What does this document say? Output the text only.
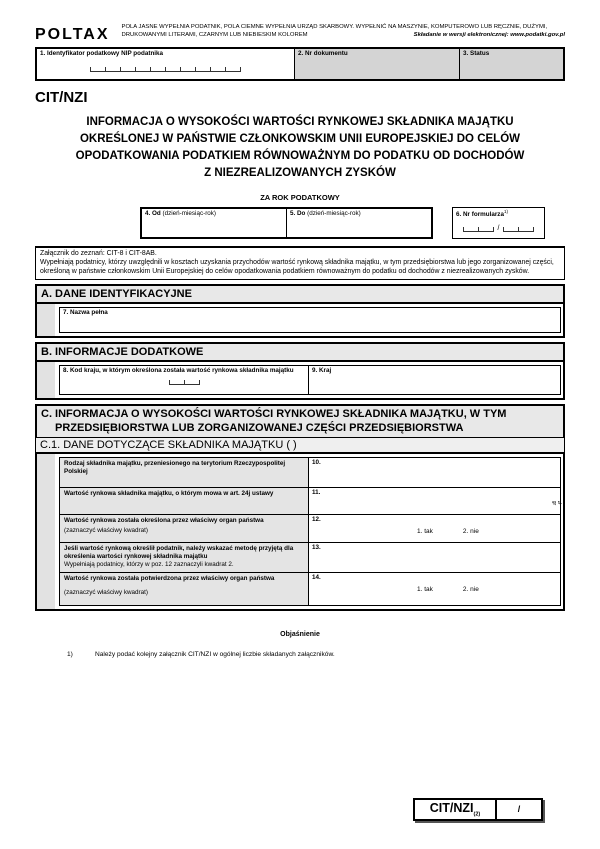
POLTAX	POLA JASNE WYPEŁNIA PODATNIK, POLA CIEMNE WYPEŁNIA URZĄD SKARBOWY. WYPEŁNIĆ NA MASZYNIE, KOMPUTEROWO LUB RĘCZNIE, DUŻYMI,
DRUKOWANYMI LITERAMI, CZARNYM LUB NIEBIESKIM KOLOREM	Składanie w wersji elektronicznej: www.podatki.gov.pl
1. Identyfikator podatkowy NIP podatnika	2. Nr dokumentu	3. Status
CIT/NZI
INFORMACJA O WYSOKOŚCI WARTOŚCI RYNKOWEJ SKŁADNIKA MAJĄTKU
OKREŚLONEJ W PAŃSTWIE CZŁONKOWSKIM UNII EUROPEJSKIEJ DO CELÓW
OPODATKOWANIA PODATKIEM RÓWNOWAŻNYM DO PODATKU OD DOCHODÓW
Z NIEZREALIZOWANYCH ZYSKÓW
ZA ROK PODATKOWY
4. Od (dzień-miesiąc-rok)	5. Do (dzień-miesiąc-rok)	6. Nr formularza$^{1)}$
/
Załącznik do zeznań: CIT-8 i CIT-8AB.
Wypełniają podatnicy, którzy uwzględnili w kosztach uzyskania przychodów wartość rynkową składnika majątku, w tym przedsiębiorstwa lub jego zorganizowanej części, określoną w państwie członkowskim Unii Europejskiej do celów opodatkowania podatkiem równoważnym do podatku od dochodów z niezrealizowanych zysków.
A. DANE IDENTYFIKACYJNE
7. Nazwa pełna
B. INFORMACJE DODATKOWE
8. Kod kraju, w którym określona została wartość rynkowa składnika majątku	9. Kraj
C. INFORMACJA O WYSOKOŚCI WARTOŚCI RYNKOWEJ SKŁADNIKA MAJĄTKU, W TYM PRZEDSIĘBIORSTWA LUB ZORGANIZOWANEJ CZĘŚCI PRZEDSIĘBIORSTWA
C.1. DANE DOTYCZĄCE SKŁADNIKA MAJĄTKU ( )
Rodzaj składnika majątku, przeniesionego na terytorium Rzeczypospolitej Polskiej
10.
Wartość rynkowa składnika majątku, o którym mowa w art. 24j ustawy	11.
zł
gr
Wartość rynkowa została określona przez właściwy organ państwa
(zaznaczyć właściwy kwadrat)
12.
1. tak	2. nie
Jeśli wartość rynkową określił podatnik, należy wskazać metodę przyjętą dla określenia wartości rynkowej składnika majątku
Wypełniają podatnicy, którzy w poz. 12 zaznaczyli kwadrat 2.
13.
Wartość rynkowa została potwierdzona przez właściwy organ państwa
(zaznaczyć właściwy kwadrat)
14.
1. tak	2. nie
Objaśnienie
1)	Należy podać kolejny załącznik CIT/NZI w ogólnej liczbie składanych załączników.
CIT/$NZI_{(2)}$
/
